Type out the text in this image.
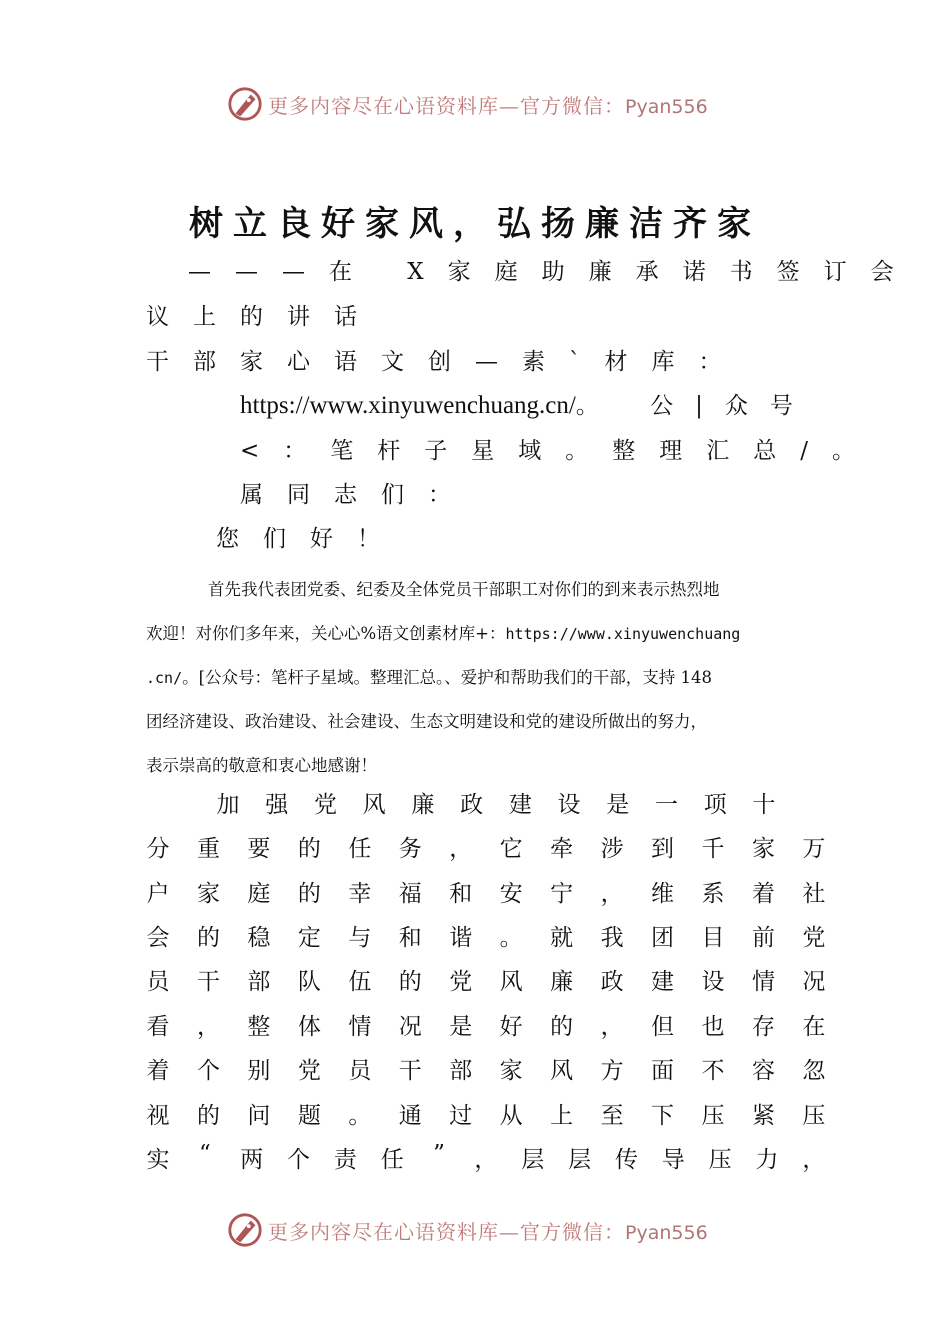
更多内容尽在心语资料库—官方微信：Pyan556
树立良好家风，弘扬廉洁齐家
———在 X家庭助廉承诺书签订会
议上的讲话
干部家心语文创—素`材库：
https://www.xinyuwenchuang.cn/。 公|众号
<：笔杆子星域。整理汇总/。
属同志们：
您们好！

首先我代表团党委、纪委及全体党员干部职工对你们的到来表示热烈地

欢迎！对你们多年来，关心心%语文创素材库+：https://www.xinyuwenchuang

.cn/。[公众号：笔杆子星域。整理汇总。、爱护和帮助我们的干部，支持 148

团经济建设、政治建设、社会建设、生态文明建设和党的建设所做出的努力，

表示崇高的敬意和衷心地感谢！

加 强 党 风 廉 政 建 设 是 一 项 十
分 重 要 的 任 务 ， 它 牵 涉 到 千 家 万
户 家 庭 的 幸 福 和 安 宁 ， 维 系 着 社
会 的 稳 定 与 和 谐 。 就 我 团 目 前 党
员 干 部 队 伍 的 党 风 廉 政 建 设 情 况
看 ， 整 体 情 况 是 好 的 ， 但 也 存 在
着 个 别 党 员 干 部 家 风 方 面 不 容 忽
视 的 问 题 。 通 过 从 上 至 下 压 紧 压
实 “ 两 个 责 任 ” ， 层 层 传 导 压 力 ，
更多内容尽在心语资料库—官方微信：Pyan556
